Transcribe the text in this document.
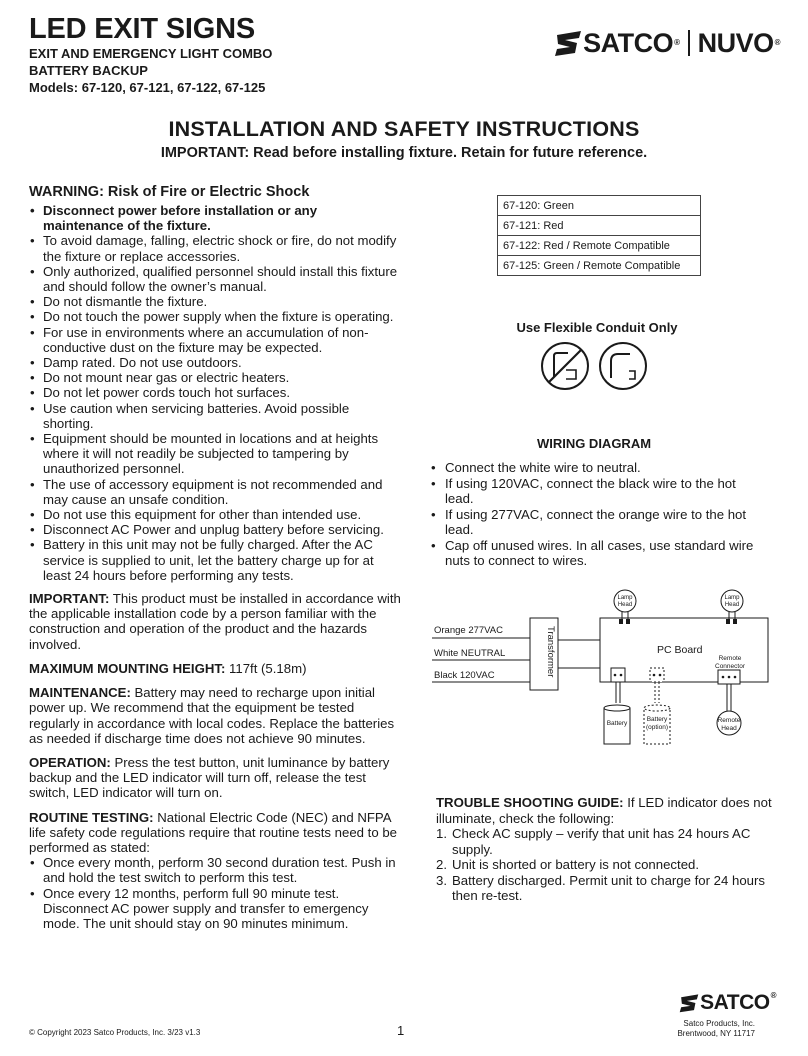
LED EXIT SIGNS
EXIT AND EMERGENCY LIGHT COMBO
BATTERY BACKUP
Models: 67-120, 67-121, 67-122, 67-125
SATCO® NUVO®
INSTALLATION AND SAFETY INSTRUCTIONS
IMPORTANT: Read before installing fixture. Retain for future reference.
WARNING: Risk of Fire or Electric Shock
• Disconnect power before installation or any maintenance of the fixture.
• To avoid damage, falling, electric shock or fire, do not modify the fixture or replace accessories.
• Only authorized, qualified personnel should install this fixture and should follow the owner’s manual.
• Do not dismantle the fixture.
• Do not touch the power supply when the fixture is operating.
• For use in environments where an accumulation of non-conductive dust on the fixture may be expected.
• Damp rated. Do not use outdoors.
• Do not mount near gas or electric heaters.
• Do not let power cords touch hot surfaces.
• Use caution when servicing batteries. Avoid possible shorting.
• Equipment should be mounted in locations and at heights where it will not readily be subjected to tampering by unauthorized personnel.
• The use of accessory equipment is not recommended and may cause an unsafe condition.
• Do not use this equipment for other than intended use.
• Disconnect AC Power and unplug battery before servicing.
• Battery in this unit may not be fully charged. After the AC service is supplied to unit, let the battery charge up for at least 24 hours before performing any tests.
IMPORTANT: This product must be installed in accordance with the applicable installation code by a person familiar with the construction and operation of the product and the hazards involved.
MAXIMUM MOUNTING HEIGHT: 117ft (5.18m)
MAINTENANCE: Battery may need to recharge upon initial power up. We recommend that the equipment be tested regularly in accordance with local codes. Replace the batteries as needed if discharge time does not achieve 90 minutes.
OPERATION: Press the test button, unit luminance by battery backup and the LED indicator will turn off, release the test switch, LED indicator will turn on.
ROUTINE TESTING: National Electric Code (NEC) and NFPA life safety code regulations require that routine tests need to be performed as stated:
• Once every month, perform 30 second duration test. Push in and hold the test switch to perform this test.
• Once every 12 months, perform full 90 minute test. Disconnect AC power supply and transfer to emergency mode. The unit should stay on 90 minutes minimum.
67-120: Green
67-121: Red
67-122: Red / Remote Compatible
67-125: Green / Remote Compatible
Use Flexible Conduit Only
WIRING DIAGRAM
• Connect the white wire to neutral.
• If using 120VAC, connect the black wire to the hot lead.
• If using 277VAC, connect the orange wire to the hot lead.
• Cap off unused wires. In all cases, use standard wire nuts to connect to wires.
Orange 277VAC
White NEUTRAL
Black 120VAC	Transformer	PC Board
Lamp
Head
Lamp
Head
Remote
Connector
Battery
Battery
(option)
Remote
Head
TROUBLE SHOOTING GUIDE: If LED indicator does not illuminate, check the following:
1. Check AC supply – verify that unit has 24 hours AC supply.
2. Unit is shorted or battery is not connected.
3. Battery discharged. Permit unit to charge for 24 hours then re-test.
© Copyright 2023 Satco Products, Inc. 3/23 v1.3	1
SATCO®
Satco Products, Inc.
Brentwood, NY 11717
